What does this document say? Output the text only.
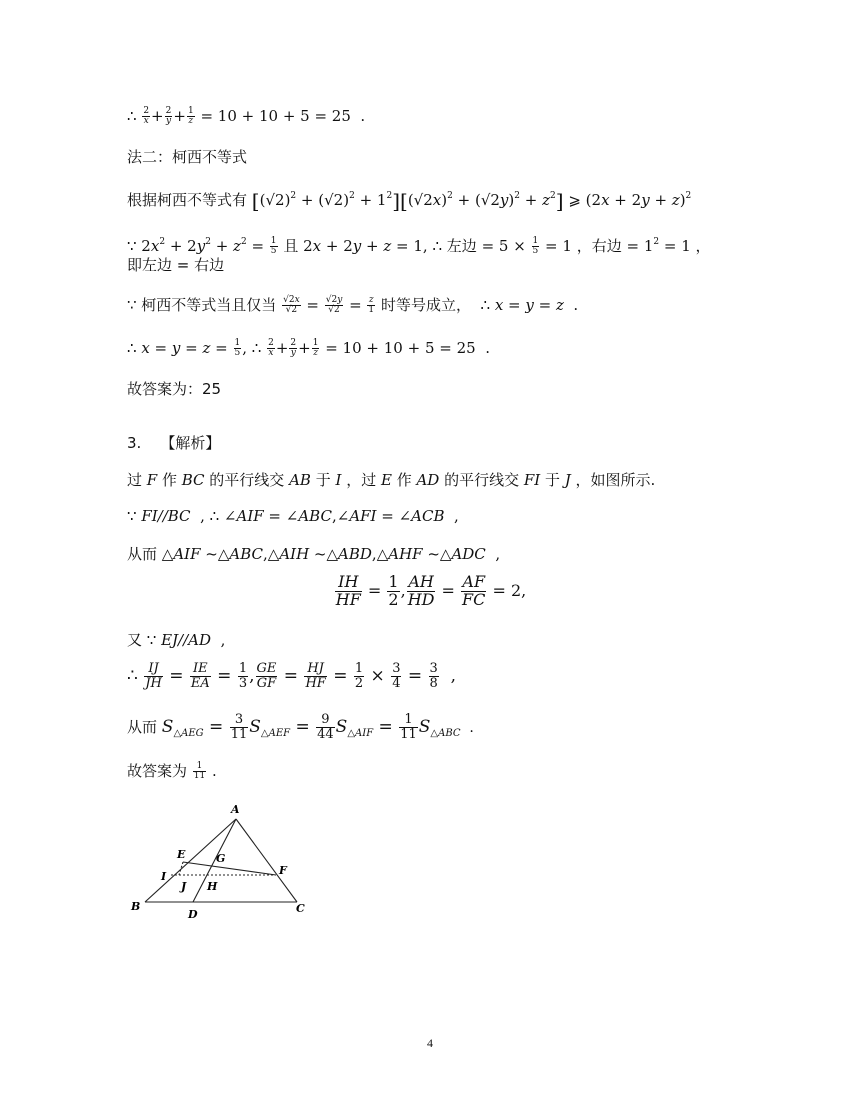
∴ $\frac{2}{x} + \frac{2}{y} + \frac{1}{z} = 10 + 10 + 5 = 25$  .
法二：柯西不等式
根据柯西不等式有 $[(√2)^2 + (√2)^2 + 1^2][(√2x)^2 + (√2y)^2 + z^2]$ ⩾ $(2x + 2y + z)^2$
∵ $2x^2 + 2y^2 + z^2 = \frac{1}{5}$ 且 2x + 2y + z = 1, ∴ 左边 = $5 \times \frac{1}{5} = 1$ ，右边 = $1^2 = 1$ ，
即左边 = 右边
∵ 柯西不等式当且仅当 $\frac{√2x}{√2} = \frac{√2y}{√2} = \frac{z}{1}$ 时等号成立，  ∴ x = y = z  .
∴ $x = y = z = \frac{1}{5}$ , ∴ $\frac{2}{x} + \frac{2}{y} + \frac{1}{z} = 10 + 10 + 5 = 25$  .
故答案为：25
3. 【解析】
过 F 作 BC 的平行线交 AB 于 I ，过 E 作 AD 的平行线交 FI 于 J ，如图所示.
∵ FI//BC  , ∴ ∠AIF = ∠ABC,∠AFI = ∠ACB  ,
从而 △AIF ~△ABC,△AIH ~△ABD,△AHF ~△ADC  ,
$\frac{IH}{HF} = \frac{1}{2}$ , $\frac{AH}{HD} = \frac{AF}{FC} = 2$,
又 ∵ EJ//AD  ,
∴ $\frac{IJ}{JH} = \frac{IE}{EA} = \frac{1}{3}$ , $\frac{GE}{GF} = \frac{HJ}{HF} = \frac{1}{2} \times \frac{3}{4} = \frac{3}{8}$ ,
从而 $S_{\triangle AEG} = \frac{3}{11} S_{\triangle AEF} = \frac{9}{44} S_{\triangle AIF} = \frac{1}{11} S_{\triangle ABC}$  .
故答案为 $\frac{1}{11}$ .
A
E	G
I
J H
F
B
D	C
4
